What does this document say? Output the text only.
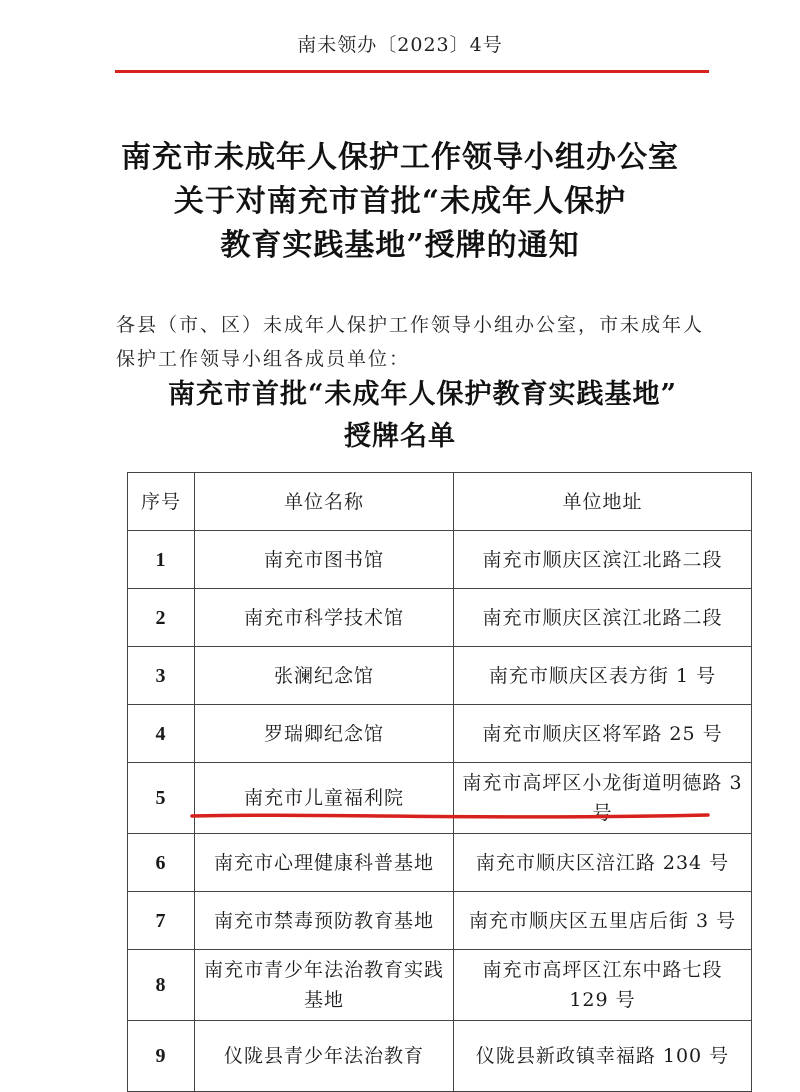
南未领办〔2023〕4号
南充市未成年人保护工作领导小组办公室
关于对南充市首批“未成年人保护
教育实践基地”授牌的通知
各县（市、区）未成年人保护工作领导小组办公室，市未成年人
保护工作领导小组各成员单位：
南充市首批“未成年人保护教育实践基地”
授牌名单
序号	单位名称	单位地址
1	南充市图书馆	南充市顺庆区滨江北路二段
2	南充市科学技术馆	南充市顺庆区滨江北路二段
3	张澜纪念馆	南充市顺庆区表方街 1 号
4	罗瑞卿纪念馆	南充市顺庆区将军路 25 号
5	南充市儿童福利院	南充市高坪区小龙街道明德路 3 号
6	南充市心理健康科普基地	南充市顺庆区涪江路 234 号
7	南充市禁毒预防教育基地	南充市顺庆区五里店后街 3 号
8	南充市青少年法治教育实践基地	南充市高坪区江东中路七段 129 号
9	仪陇县青少年法治教育	仪陇县新政镇幸福路 100 号
